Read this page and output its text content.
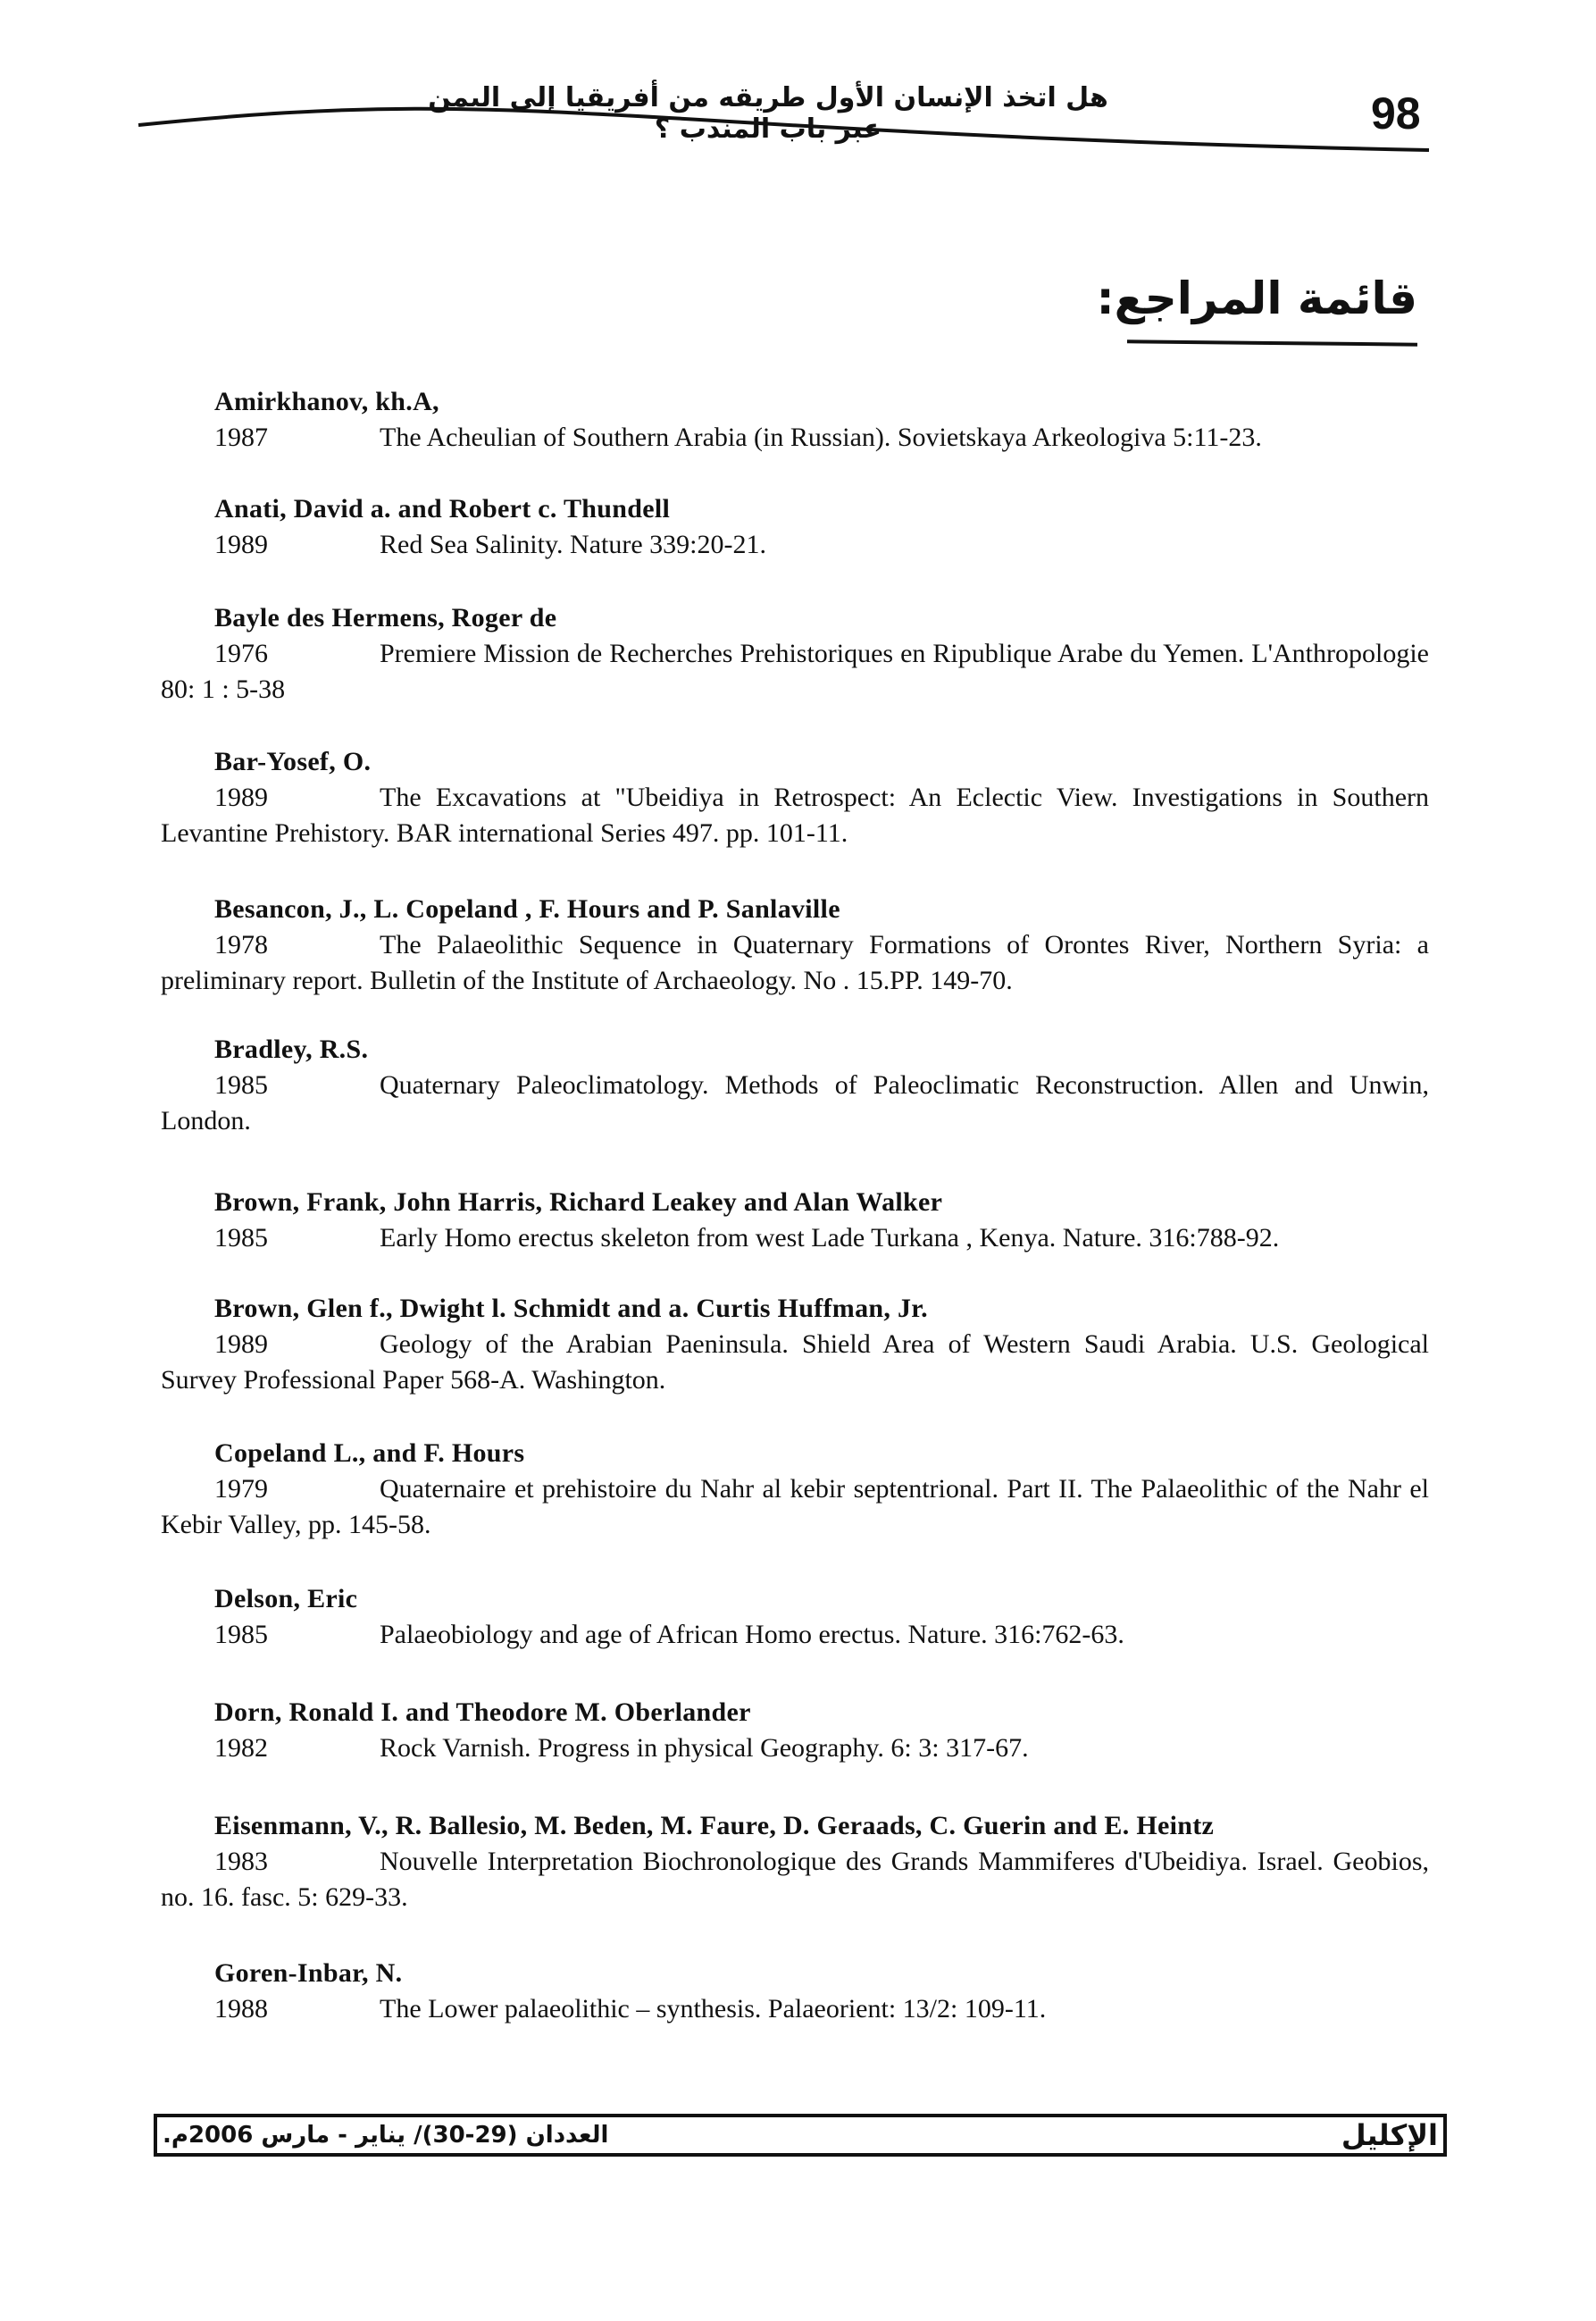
98
هل اتخذ الإنسان الأول طريقه من أفريقيا إلى اليمن عبر باب المندب ؟
قائمة المراجع:
Amirkhanov, kh.A,
1987	The Acheulian of Southern Arabia (in Russian). Sovietskaya Arkeologiva 5:11-23.
Anati, David a. and Robert c. Thundell
1989	Red Sea Salinity. Nature 339:20-21.
Bayle des Hermens, Roger de
1976	Premiere Mission de Recherches Prehistoriques en Ripublique Arabe du Yemen. L'Anthropologie 80: 1 : 5-38
Bar-Yosef, O.
1989	The Excavations at "Ubeidiya in Retrospect: An Eclectic View. Investigations in Southern Levantine Prehistory. BAR international Series 497. pp. 101-11.
Besancon, J., L. Copeland , F. Hours and P. Sanlaville
1978	The Palaeolithic Sequence in Quaternary Formations of Orontes River, Northern Syria: a preliminary report. Bulletin of the Institute of Archaeology. No . 15.PP. 149-70.
Bradley, R.S.
1985	Quaternary Paleoclimatology. Methods of Paleoclimatic Reconstruction. Allen and Unwin, London.
Brown, Frank, John Harris, Richard Leakey and Alan Walker
1985	Early Homo erectus skeleton from west Lade Turkana , Kenya. Nature. 316:788-92.
Brown, Glen f., Dwight l. Schmidt and a. Curtis Huffman, Jr.
1989	Geology of the Arabian Paeninsula. Shield Area of Western Saudi Arabia. U.S. Geological Survey Professional Paper 568-A. Washington.
Copeland L., and F. Hours
1979	Quaternaire et prehistoire du Nahr al kebir septentrional. Part II. The Palaeolithic of the Nahr el Kebir Valley, pp. 145-58.
Delson, Eric
1985	Palaeobiology and age of African Homo erectus. Nature. 316:762-63.
Dorn, Ronald I. and Theodore M. Oberlander
1982	Rock Varnish. Progress in physical Geography. 6: 3: 317-67.
Eisenmann, V., R. Ballesio, M. Beden, M. Faure, D. Geraads, C. Guerin and E. Heintz
1983	Nouvelle Interpretation Biochronologique des Grands Mammiferes d'Ubeidiya. Israel. Geobios, no. 16. fasc. 5: 629-33.
Goren-Inbar, N.
1988	The Lower palaeolithic – synthesis. Palaeorient: 13/2: 109-11.
العددان (29-30)/ يناير - مارس 2006م.	الإكليل
